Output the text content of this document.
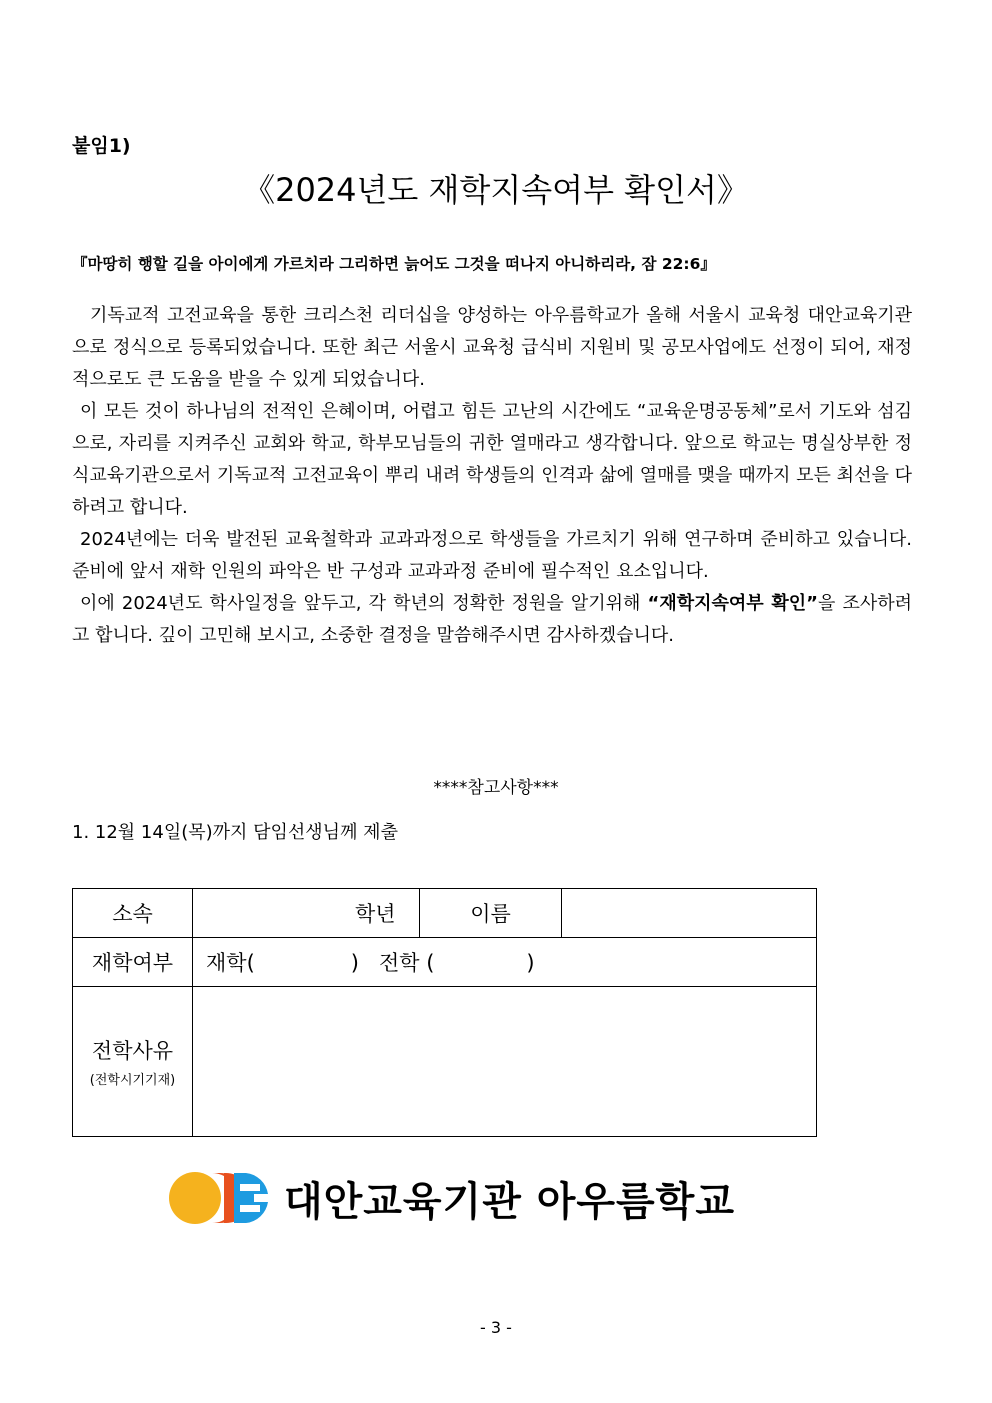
붙임1)
《2024년도 재학지속여부 확인서》
『마땅히 행할 길을 아이에게 가르치라 그리하면 늙어도 그것을 떠나지 아니하리라, 잠 22:6』

기독교적 고전교육을 통한 크리스천 리더십을 양성하는 아우름학교가 올해 서울시 교육청 대안교육기관으로 정식으로 등록되었습니다. 또한 최근 서울시 교육청 급식비 지원비 및 공모사업에도 선정이 되어, 재정적으로도 큰 도움을 받을 수 있게 되었습니다.

이 모든 것이 하나님의 전적인 은혜이며, 어렵고 힘든 고난의 시간에도 “교육운명공동체”로서 기도와 섬김으로, 자리를 지켜주신 교회와 학교, 학부모님들의 귀한 열매라고 생각합니다. 앞으로 학교는 명실상부한 정식교육기관으로서 기독교적 고전교육이 뿌리 내려 학생들의 인격과 삶에 열매를 맺을 때까지 모든 최선을 다하려고 합니다.

2024년에는 더욱 발전된 교육철학과 교과과정으로 학생들을 가르치기 위해 연구하며 준비하고 있습니다. 준비에 앞서 재학 인원의 파악은 반 구성과 교과과정 준비에 필수적인 요소입니다.

이에 2024년도 학사일정을 앞두고, 각 학년의 정확한 정원을 알기위해 “재학지속여부 확인”을 조사하려고 합니다. 깊이 고민해 보시고, 소중한 결정을 말씀해주시면 감사하겠습니다.

****참고사항***
1. 12월 14일(목)까지 담임선생님께 제출
소속	학년	이름	
재학여부	재학( ) 전학 ( )		
전학사유
(전학시기기재)			

대안교육기관 아우름학교
- 3 -
